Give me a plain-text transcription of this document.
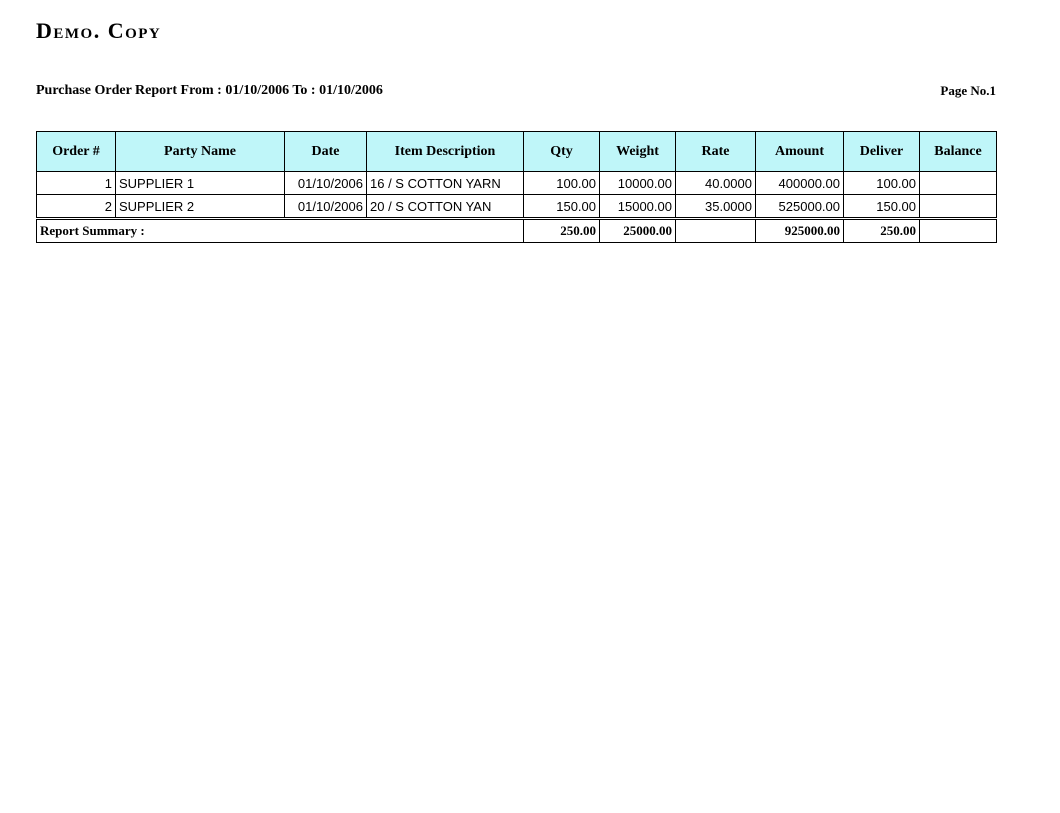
Demo. Copy
Purchase Order Report From : 01/10/2006 To : 01/10/2006	Page No.1
Order #	Party Name	Date	Item Description	Qty	Weight	Rate	Amount	Deliver	Balance
1	SUPPLIER 1	01/10/2006	16 / S COTTON YARN	100.00	10000.00	40.0000	400000.00	100.00	
2	SUPPLIER 2	01/10/2006	20 / S COTTON YAN	150.00	15000.00	35.0000	525000.00	150.00	
Report Summary :				250.00	25000.00		925000.00	250.00	
